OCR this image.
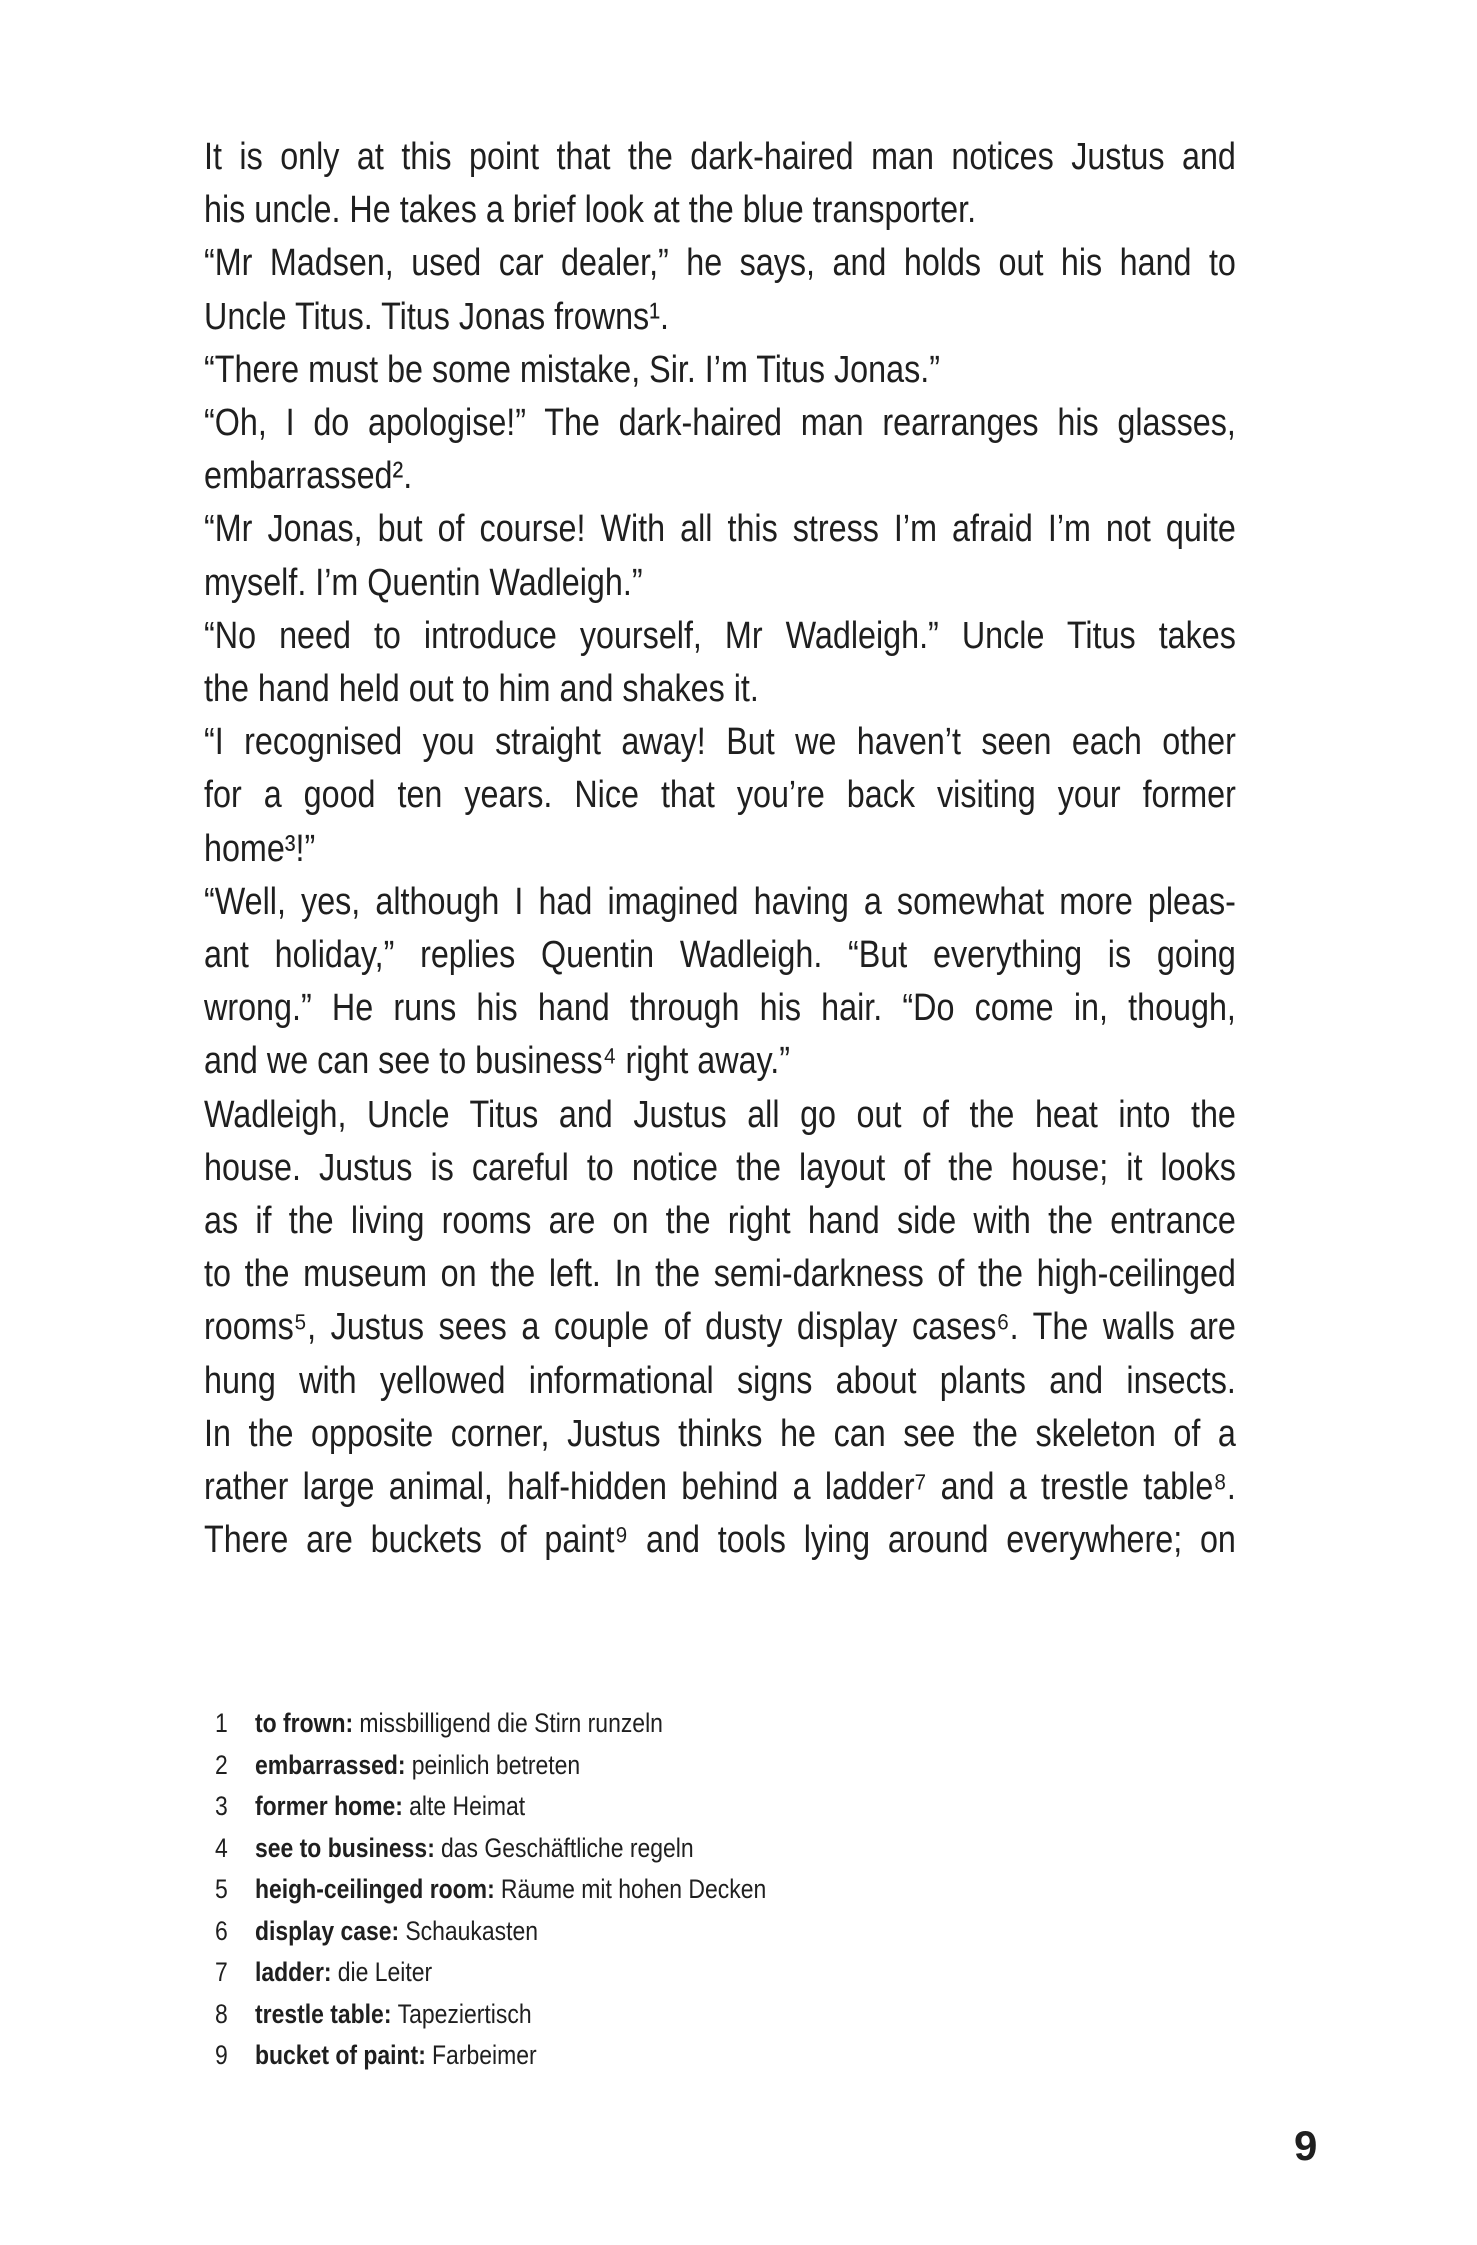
It is only at this point that the dark-haired man notices Justus and
his uncle. He takes a brief look at the blue transporter.
“Mr Madsen, used car dealer,” he says, and holds out his hand to
Uncle Titus. Titus Jonas frowns¹.
“There must be some mistake, Sir. I’m Titus Jonas.”
“Oh, I do apologise!” The dark-haired man rearranges his glasses,
embarrassed².
“Mr Jonas, but of course! With all this stress I’m afraid I’m not quite
myself. I’m Quentin Wadleigh.”
“No need to introduce yourself, Mr Wadleigh.” Uncle Titus takes
the hand held out to him and shakes it.
“I recognised you straight away! But we haven’t seen each other
for a good ten years. Nice that you’re back visiting your former
home³!”
“Well, yes, although I had imagined having a somewhat more pleas-
ant holiday,” replies Quentin Wadleigh. “But everything is going
wrong.” He runs his hand through his hair. “Do come in, though,
and we can see to business⁴ right away.”
Wadleigh, Uncle Titus and Justus all go out of the heat into the
house. Justus is careful to notice the layout of the house; it looks
as if the living rooms are on the right hand side with the entrance
to the museum on the left. In the semi-darkness of the high-ceilinged
rooms⁵, Justus sees a couple of dusty display cases⁶. The walls are
hung with yellowed informational signs about plants and insects.
In the opposite corner, Justus thinks he can see the skeleton of a
rather large animal, half-hidden behind a ladder⁷ and a trestle table⁸.
There are buckets of paint⁹ and tools lying around everywhere; on
1 to frown: missbilligend die Stirn runzeln
2 embarrassed: peinlich betreten
3 former home: alte Heimat
4 see to business: das Geschäftliche regeln
5 heigh-ceilinged room: Räume mit hohen Decken
6 display case: Schaukasten
7 ladder: die Leiter
8 trestle table: Tapeziertisch
9 bucket of paint: Farbeimer
9
